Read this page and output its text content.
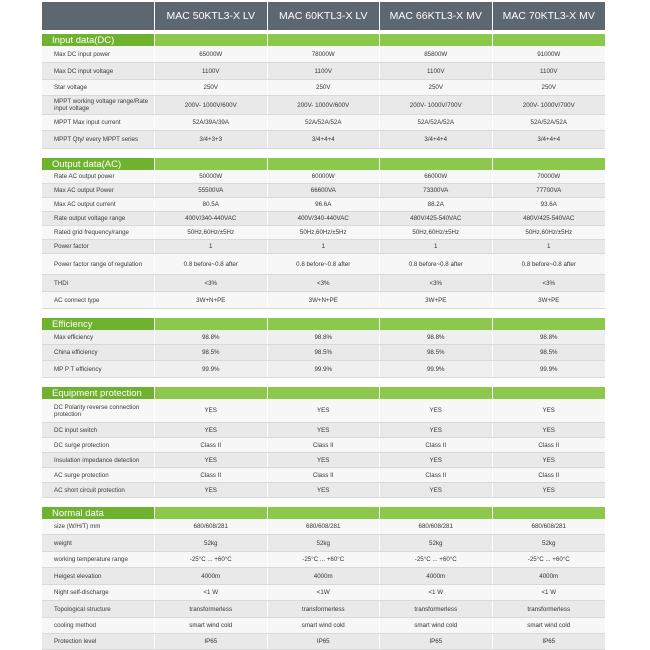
MAC 50KTL3-X LV	MAC 60KTL3-X LV	MAC 66KTL3-X MV	MAC 70KTL3-X MV
Input data(DC)
Max DC input power	65000W	78000W	85800W	91000W
Max DC input voltage	1100V	1100V	1100V	1100V
Star voltage	250V	250V	250V	250V
MPPT working voltage range/Rate input voltage	200V- 1000V/600V	200V- 1000V/600V	200V- 1000V/700V	200V- 1000V/700V
MPPT Max input current	52A/39A/39A	52A/52A/52A	52A/52A/52A	52A/52A/52A
MPPT Qty/ every MPPT series	3/4+3+3	3/4+4+4	3/4+4+4	3/4+4+4
Output data(AC)
Rate AC output power	50000W	60000W	66000W	70000W
Max AC output Power	55500VA	66600VA	73300VA	77700VA
Max AC output current	80.5A	96.6A	88.2A	93.6A
Rate output voltage range	400V/340-440VAC	400V/340-440VAC	480V/425-540VAC	480V/425-540VAC
Rated grid frequency/range	50Hz,60Hz/±5Hz	50Hz,60Hz/±5Hz	50Hz,60Hz/±5Hz	50Hz,60Hz/±5Hz
Power factor	1	1	1	1
Power factor range of regulation	0.8 before~0.8 after	0.8 before~0.8 after	0.8 before~0.8 after	0.8 before~0.8 after
THDi	<3%	<3%	<3%	<3%
AC connect type	3W+N+PE	3W+N+PE	3W+PE	3W+PE
Efficiency
Max efficiency	98.8%	98.8%	98.8%	98.8%
China efficiency	98.5%	98.5%	98.5%	98.5%
MP P T efficiency	99.9%	99.9%	99.9%	99.9%
Equipment protection
DC Polarity reverse connection protection	YES	YES	YES	YES
DC input switch	YES	YES	YES	YES
DC surge protection	Class II	Class II	Class II	Class II
Insulation impedance detection	YES	YES	YES	YES
AC surge protection	Class II	Class II	Class II	Class II
AC short circuit protection	YES	YES	YES	YES
Normal data
size (W/H/T) mm	680/608/281	680/608/281	680/608/281	680/608/281
weight	52kg	52kg	52kg	52kg
working temperature range	-25°C ... +60°C	-25°C ... +60°C	-25°C ... +60°C	-25°C ... +60°C
Heigest elevation	4000m	4000m	4000m	4000m
Night self-discharge	<1 W	<1W	<1 W	<1 W
Topological structure	transformerless	transformerless	transformerless	transformerless
cooling method	smart wind cold	smart wind cold	smart wind cold	smart wind cold
Protection level	IP65	IP65	IP65	IP65
